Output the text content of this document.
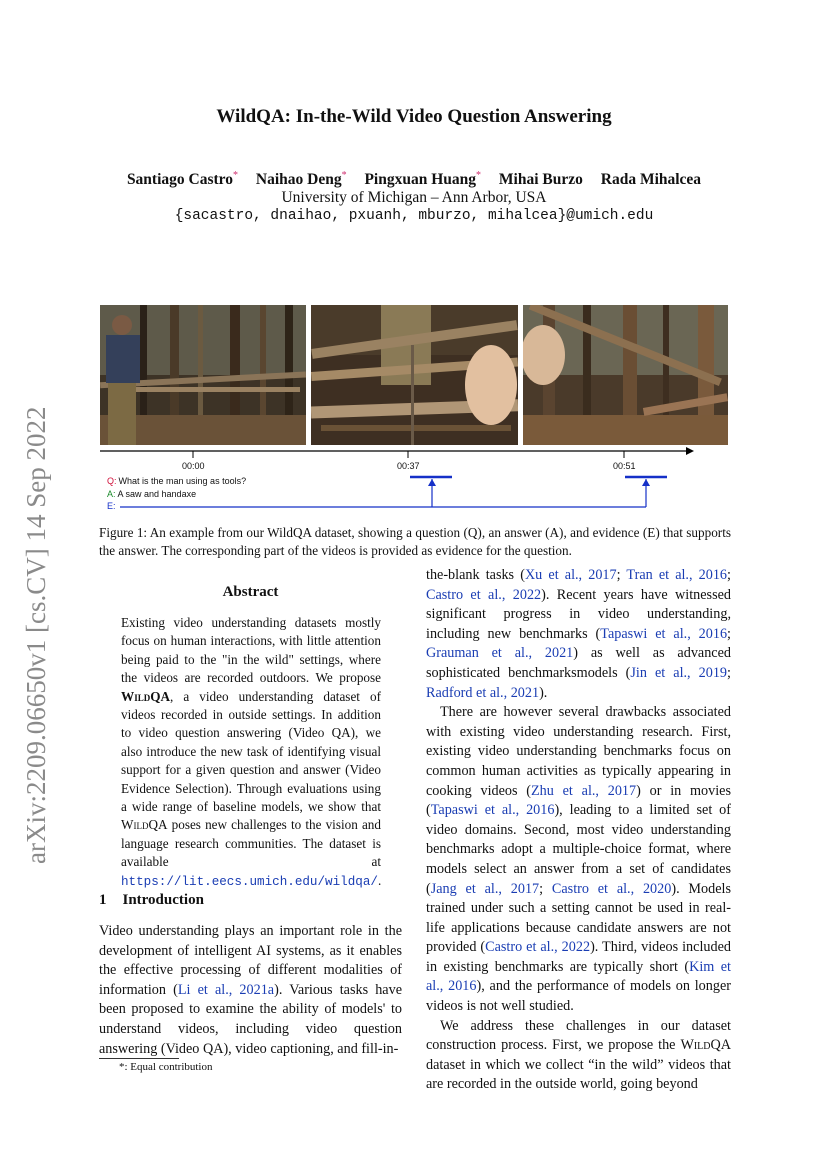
arXiv:2209.06650v1 [cs.CV] 14 Sep 2022
WildQA: In-the-Wild Video Question Answering
Santiago Castro* Naihao Deng* Pingxuan Huang* Mihai Burzo Rada Mihalcea
University of Michigan – Ann Arbor, USA
{sacastro, dnaihao, pxuanh, mburzo, mihalcea}@umich.edu
00:00	00:37	00:51
Q: What is the man using as tools?
A: A saw and handaxe
E:
Figure 1: An example from our WildQA dataset, showing a question (Q), an answer (A), and evidence (E) that supports the answer. The corresponding part of the videos is provided as evidence for the question.
Abstract
Existing video understanding datasets mostly focus on human interactions, with little attention being paid to the "in the wild" settings, where the videos are recorded outdoors. We propose WildQA, a video understanding dataset of videos recorded in outside settings. In addition to video question answering (Video QA), we also introduce the new task of identifying visual support for a given question and answer (Video Evidence Selection). Through evaluations using a wide range of baseline models, we show that WildQA poses new challenges to the vision and language research communities. The dataset is available at https://lit.eecs.umich.edu/wildqa/.
1 Introduction

Video understanding plays an important role in the development of intelligent AI systems, as it enables the effective processing of different modalities of information (Li et al., 2021a). Various tasks have been proposed to examine the ability of models' to understand videos, including video question answering (Video QA), video captioning, and fill-in-

*: Equal contribution

the-blank tasks (Xu et al., 2017; Tran et al., 2016; Castro et al., 2022). Recent years have witnessed significant progress in video understanding, including new benchmarks (Tapaswi et al., 2016; Grauman et al., 2021) as well as advanced sophisticated benchmarksmodels (Jin et al., 2019; Radford et al., 2021).

There are however several drawbacks associated with existing video understanding research. First, existing video understanding benchmarks focus on common human activities as typically appearing in cooking videos (Zhu et al., 2017) or in movies (Tapaswi et al., 2016), leading to a limited set of video domains. Second, most video understanding benchmarks adopt a multiple-choice format, where models select an answer from a set of candidates (Jang et al., 2017; Castro et al., 2020). Models trained under such a setting cannot be used in real-life applications because candidate answers are not provided (Castro et al., 2022). Third, videos included in existing benchmarks are typically short (Kim et al., 2016), and the performance of models on longer videos is not well studied.

We address these challenges in our dataset construction process. First, we propose the WildQA dataset in which we collect “in the wild” videos that are recorded in the outside world, going beyond
